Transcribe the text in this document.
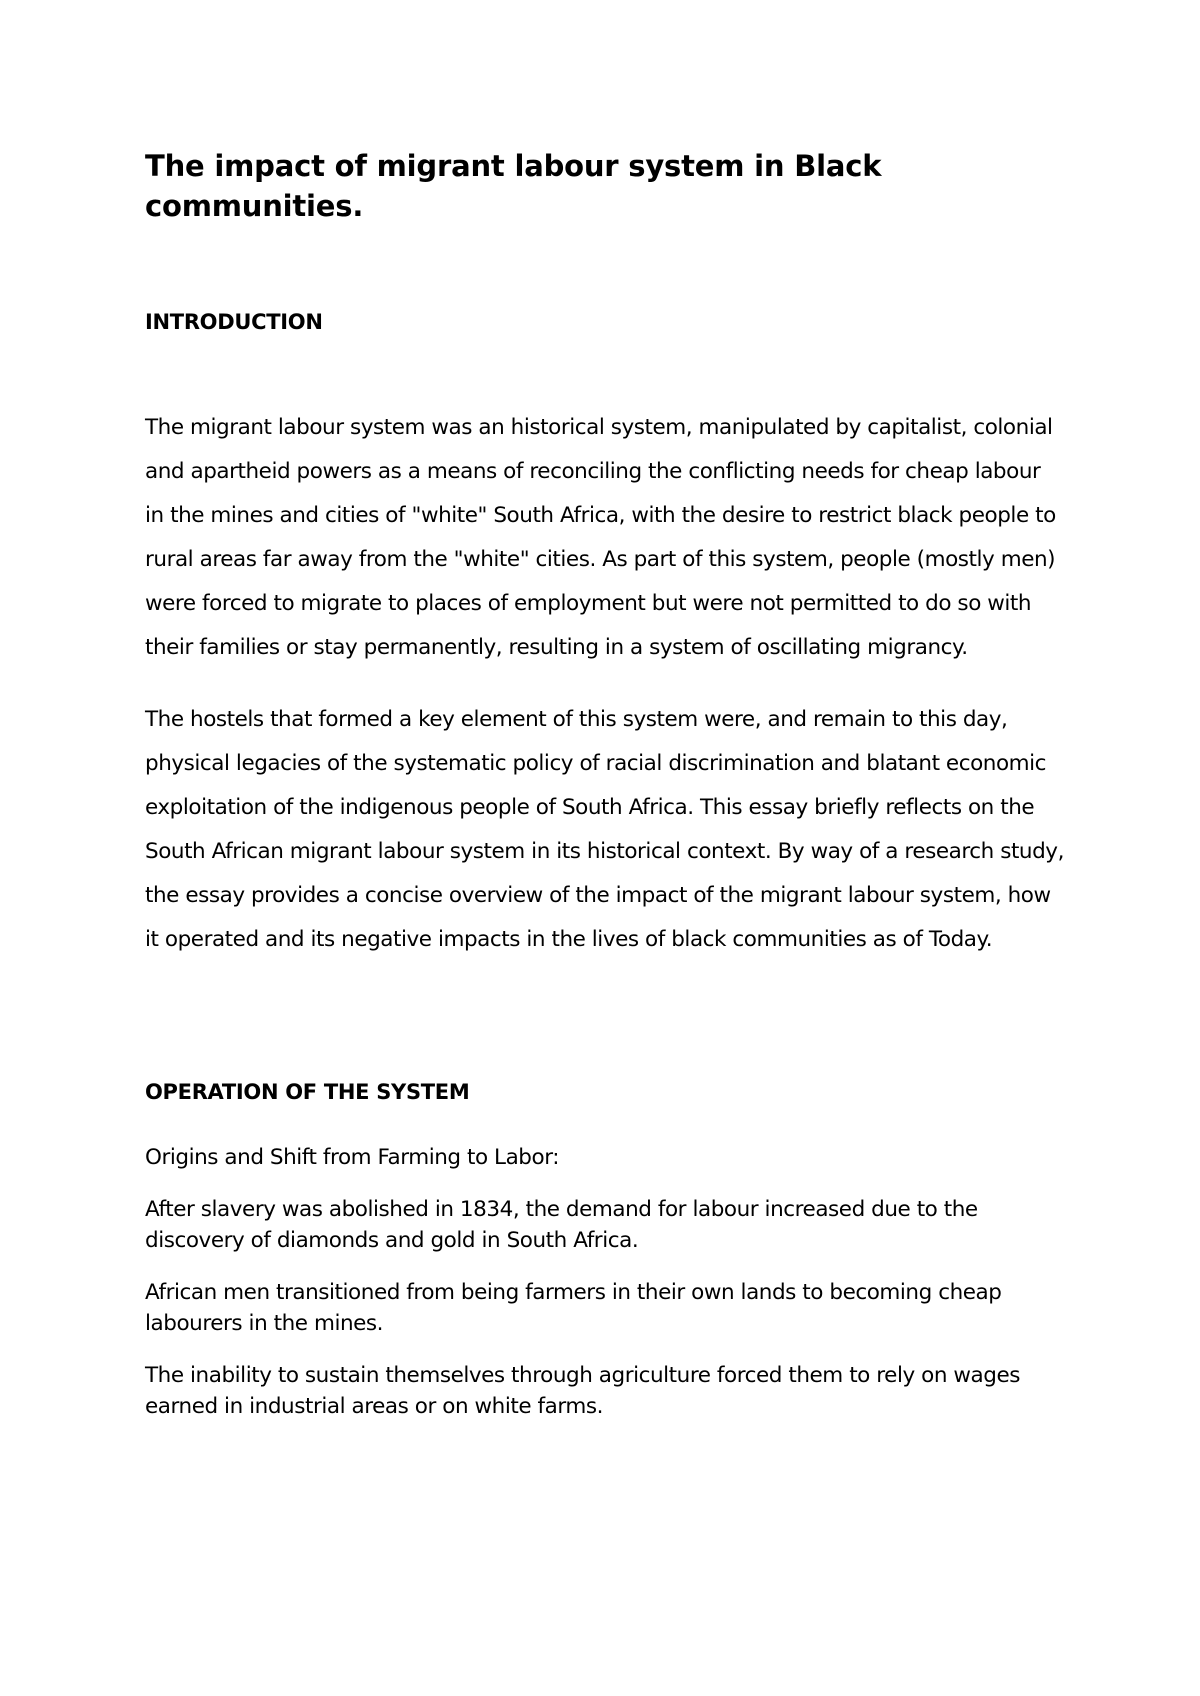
The impact of migrant labour system in Black communities.
INTRODUCTION

The migrant labour system was an historical system, manipulated by capitalist, colonial and apartheid powers as a means of reconciling the conflicting needs for cheap labour in the mines and cities of "white" South Africa, with the desire to restrict black people to rural areas far away from the "white" cities. As part of this system, people (mostly men) were forced to migrate to places of employment but were not permitted to do so with their families or stay permanently, resulting in a system of oscillating migrancy.

The hostels that formed a key element of this system were, and remain to this day, physical legacies of the systematic policy of racial discrimination and blatant economic exploitation of the indigenous people of South Africa. This essay briefly reflects on the South African migrant labour system in its historical context. By way of a research study, the essay provides a concise overview of the impact of the migrant labour system, how it operated and its negative impacts in the lives of black communities as of Today.

OPERATION OF THE SYSTEM

Origins and Shift from Farming to Labor:

After slavery was abolished in 1834, the demand for labour increased due to the discovery of diamonds and gold in South Africa.

African men transitioned from being farmers in their own lands to becoming cheap labourers in the mines.

The inability to sustain themselves through agriculture forced them to rely on wages earned in industrial areas or on white farms.
